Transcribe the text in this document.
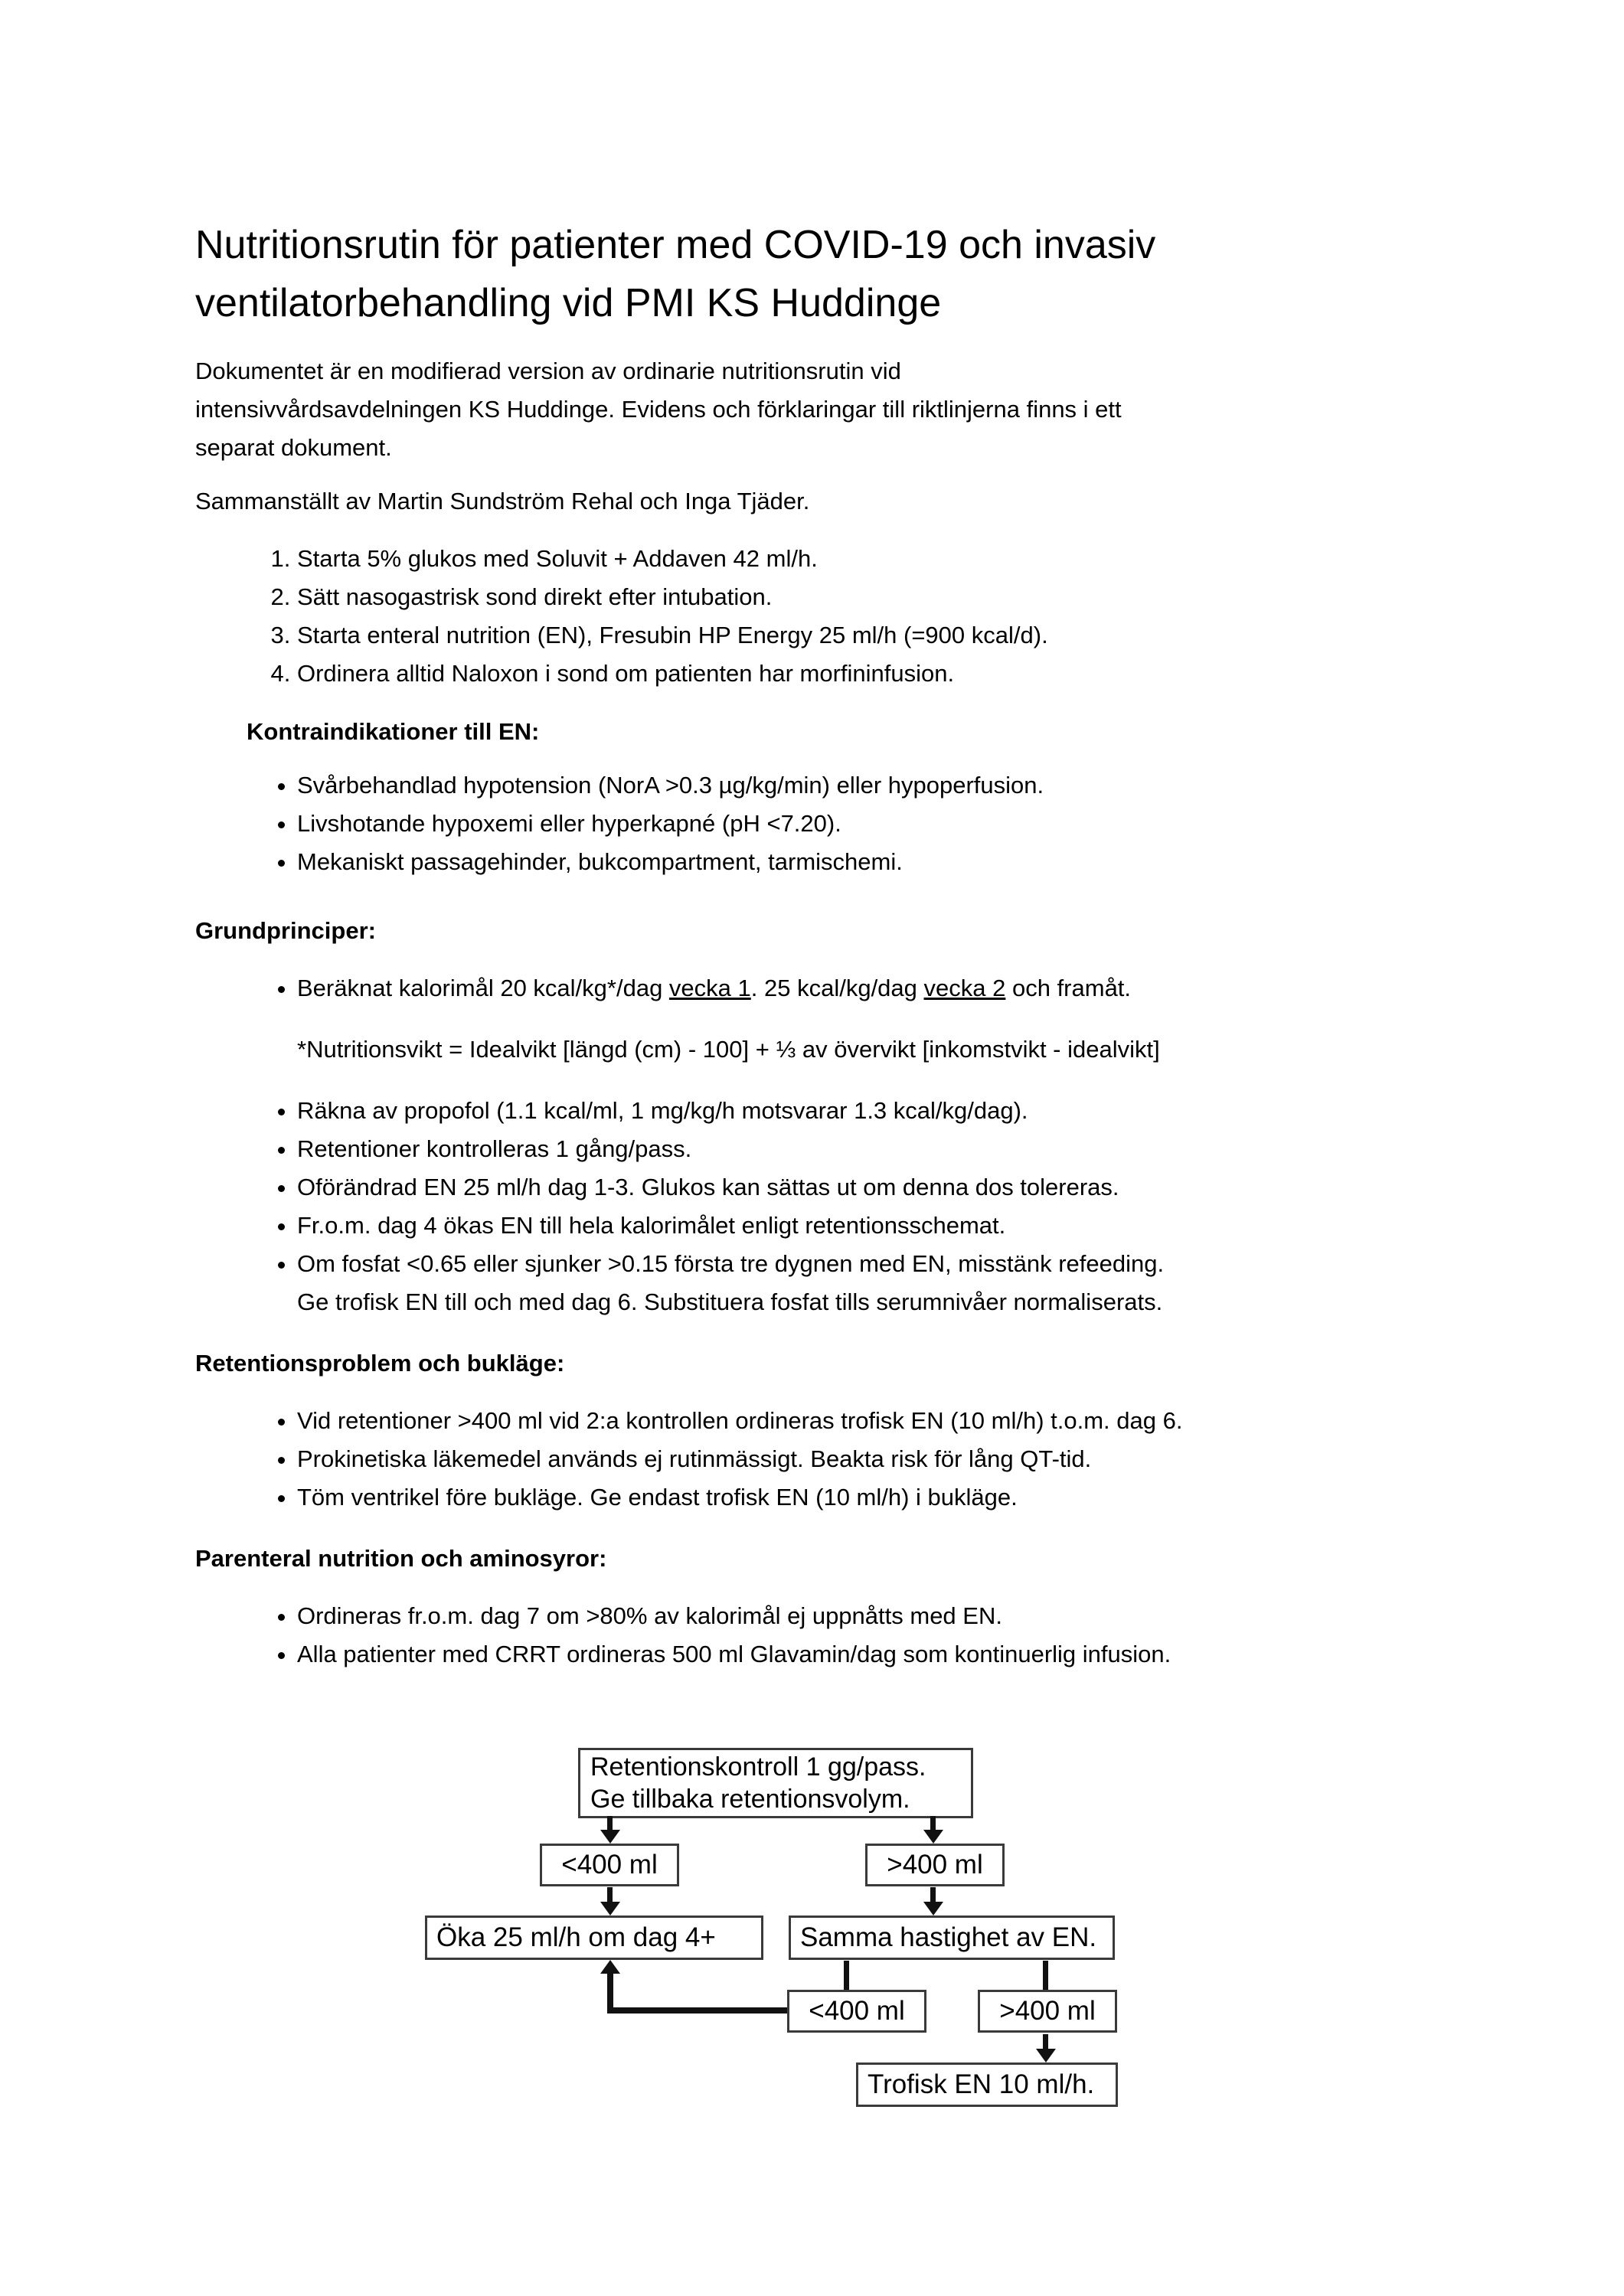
Nutritionsrutin för patienter med COVID-19 och invasiv
ventilatorbehandling vid PMI KS Huddinge
Dokumentet är en modifierad version av ordinarie nutritionsrutin vid
intensivvårdsavdelningen KS Huddinge. Evidens och förklaringar till riktlinjerna finns i ett
separat dokument.
Sammanställt av Martin Sundström Rehal och Inga Tjäder.
1. Starta 5% glukos med Soluvit + Addaven 42 ml/h.
2. Sätt nasogastrisk sond direkt efter intubation.
3. Starta enteral nutrition (EN), Fresubin HP Energy 25 ml/h (=900 kcal/d).
4. Ordinera alltid Naloxon i sond om patienten har morfininfusion.
Kontraindikationer till EN:
• Svårbehandlad hypotension (NorA >0.3 µg/kg/min) eller hypoperfusion.
• Livshotande hypoxemi eller hyperkapné (pH <7.20).
• Mekaniskt passagehinder, bukcompartment, tarmischemi.
Grundprinciper:
• Beräknat kalorimål 20 kcal/kg*/dag vecka 1. 25 kcal/kg/dag vecka 2 och framåt.
*Nutritionsvikt = Idealvikt [längd (cm) - 100] + ⅓ av övervikt [inkomstvikt - idealvikt]
• Räkna av propofol (1.1 kcal/ml, 1 mg/kg/h motsvarar 1.3 kcal/kg/dag).
• Retentioner kontrolleras 1 gång/pass.
• Oförändrad EN 25 ml/h dag 1-3. Glukos kan sättas ut om denna dos tolereras.
• Fr.o.m. dag 4 ökas EN till hela kalorimålet enligt retentionsschemat.
• Om fosfat <0.65 eller sjunker >0.15 första tre dygnen med EN, misstänk refeeding.
Ge trofisk EN till och med dag 6. Substituera fosfat tills serumnivåer normaliserats.
Retentionsproblem och bukläge:
• Vid retentioner >400 ml vid 2:a kontrollen ordineras trofisk EN (10 ml/h) t.o.m. dag 6.
• Prokinetiska läkemedel används ej rutinmässigt. Beakta risk för lång QT-tid.
• Töm ventrikel före bukläge. Ge endast trofisk EN (10 ml/h) i bukläge.
Parenteral nutrition och aminosyror:
• Ordineras fr.o.m. dag 7 om >80% av kalorimål ej uppnåtts med EN.
• Alla patienter med CRRT ordineras 500 ml Glavamin/dag som kontinuerlig infusion.
Retentionskontroll 1 gg/pass.
Ge tillbaka retentionsvolym.
<400 ml	>400 ml
Öka 25 ml/h om dag 4+	Samma hastighet av EN.
<400 ml	>400 ml
Trofisk EN 10 ml/h.
